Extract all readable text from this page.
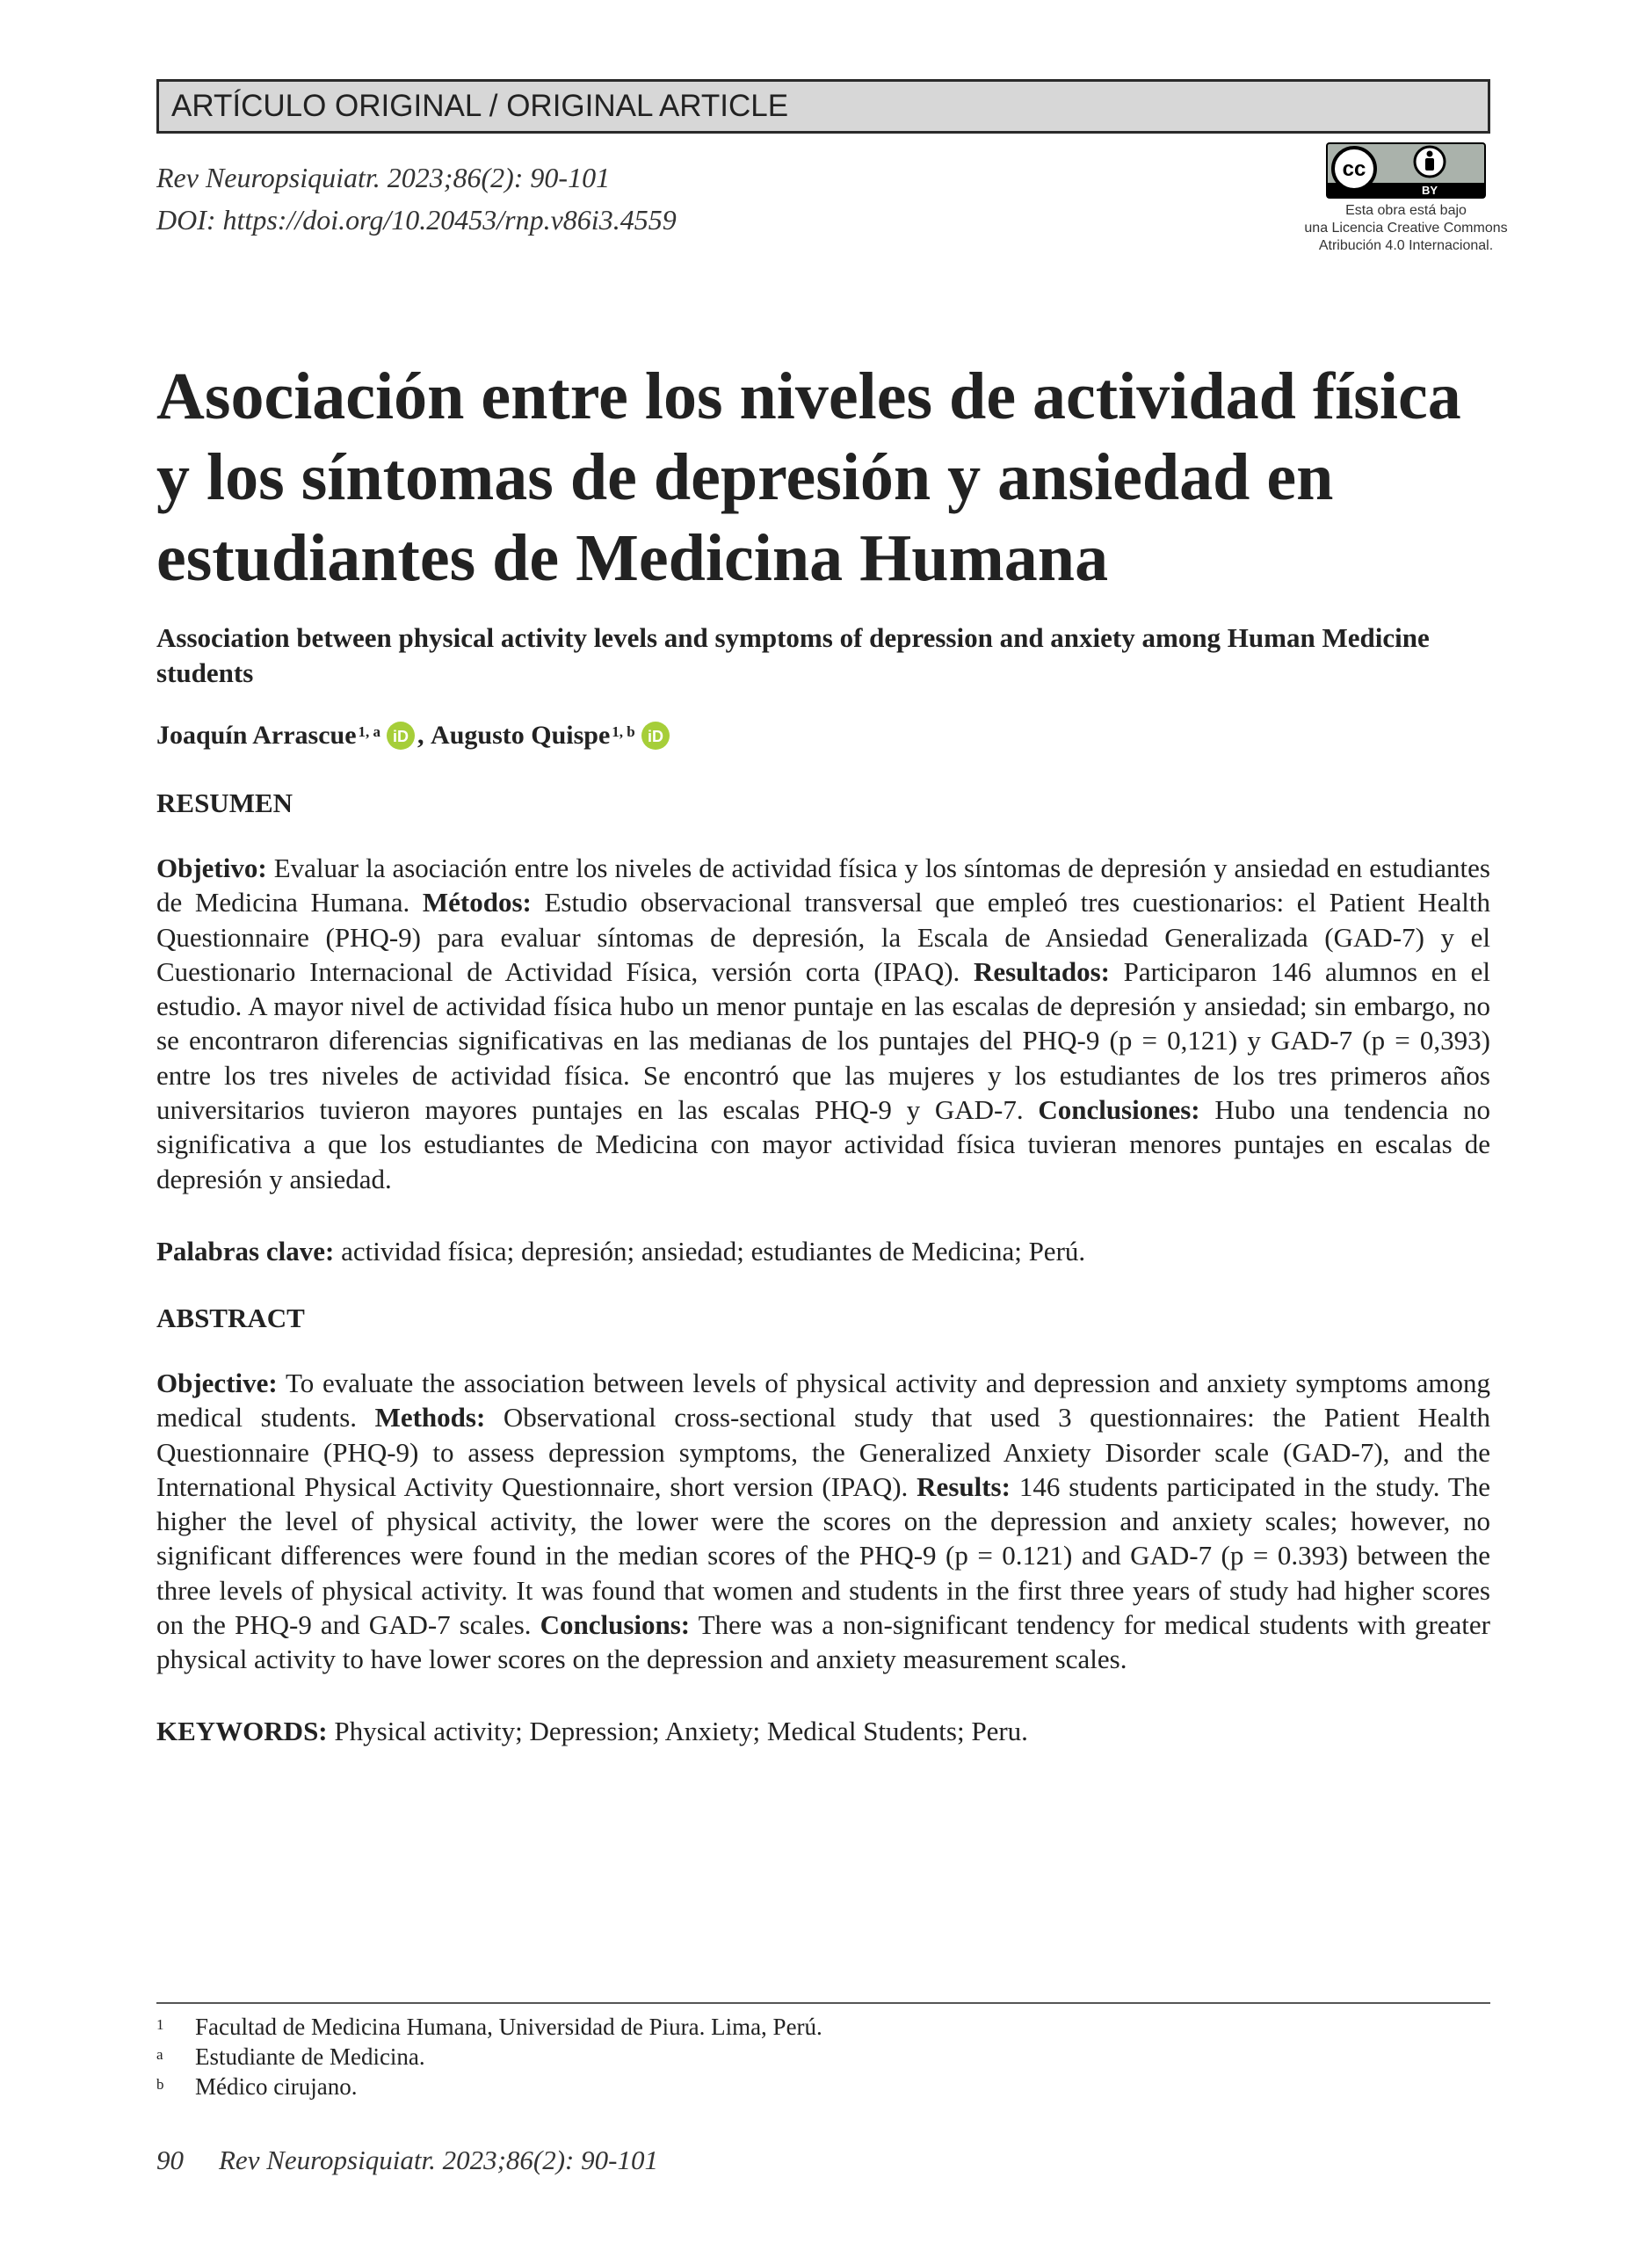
ARTÍCULO ORIGINAL / ORIGINAL ARTICLE
Rev Neuropsiquiatr. 2023;86(2): 90-101
DOI: https://doi.org/10.20453/rnp.v86i3.4559
cc
BY
Esta obra está bajo
una Licencia Creative Commons
Atribución 4.0 Internacional.
Asociación entre los niveles de actividad física
y los síntomas de depresión y ansiedad en
estudiantes de Medicina Humana
Association between physical activity levels and symptoms of depression and anxiety among Human Medicine students
Joaquín Arrascue$^{1, a}$ iD ,
Augusto Quispe$^{1, b}$ iD
RESUMEN

Objetivo: Evaluar la asociación entre los niveles de actividad física y los síntomas de depresión y ansiedad en estudiantes de Medicina Humana. Métodos: Estudio observacional transversal que empleó tres cuestionarios: el Patient Health Questionnaire (PHQ-9) para evaluar síntomas de depresión, la Escala de Ansiedad Generalizada (GAD-7) y el Cuestionario Internacional de Actividad Física, versión corta (IPAQ). Resultados: Participaron 146 alumnos en el estudio. A mayor nivel de actividad física hubo un menor puntaje en las escalas de depresión y ansiedad; sin embargo, no se encontraron diferencias significativas en las medianas de los puntajes del PHQ-9 (p = 0,121) y GAD-7 (p = 0,393) entre los tres niveles de actividad física. Se encontró que las mujeres y los estudiantes de los tres primeros años universitarios tuvieron mayores puntajes en las escalas PHQ-9 y GAD-7. Conclusiones: Hubo una tendencia no significativa a que los estudiantes de Medicina con mayor actividad física tuvieran menores puntajes en escalas de depresión y ansiedad.

Palabras clave: actividad física; depresión; ansiedad; estudiantes de Medicina; Perú.
ABSTRACT

Objective: To evaluate the association between levels of physical activity and depression and anxiety symptoms among medical students. Methods: Observational cross-sectional study that used 3 questionnaires: the Patient Health Questionnaire (PHQ-9) to assess depression symptoms, the Generalized Anxiety Disorder scale (GAD-7), and the International Physical Activity Questionnaire, short version (IPAQ). Results: 146 students participated in the study. The higher the level of physical activity, the lower were the scores on the depression and anxiety scales; however, no significant differences were found in the median scores of the PHQ-9 (p = 0.121) and GAD-7 (p = 0.393) between the three levels of physical activity. It was found that women and students in the first three years of study had higher scores on the PHQ-9 and GAD-7 scales. Conclusions: There was a non-significant tendency for medical students with greater physical activity to have lower scores on the depression and anxiety measurement scales.

KEYWORDS: Physical activity; Depression; Anxiety; Medical Students; Peru.
1 Facultad de Medicina Humana, Universidad de Piura. Lima, Perú.
a Estudiante de Medicina.
b Médico cirujano.
90 Rev Neuropsiquiatr. 2023;86(2): 90-101
